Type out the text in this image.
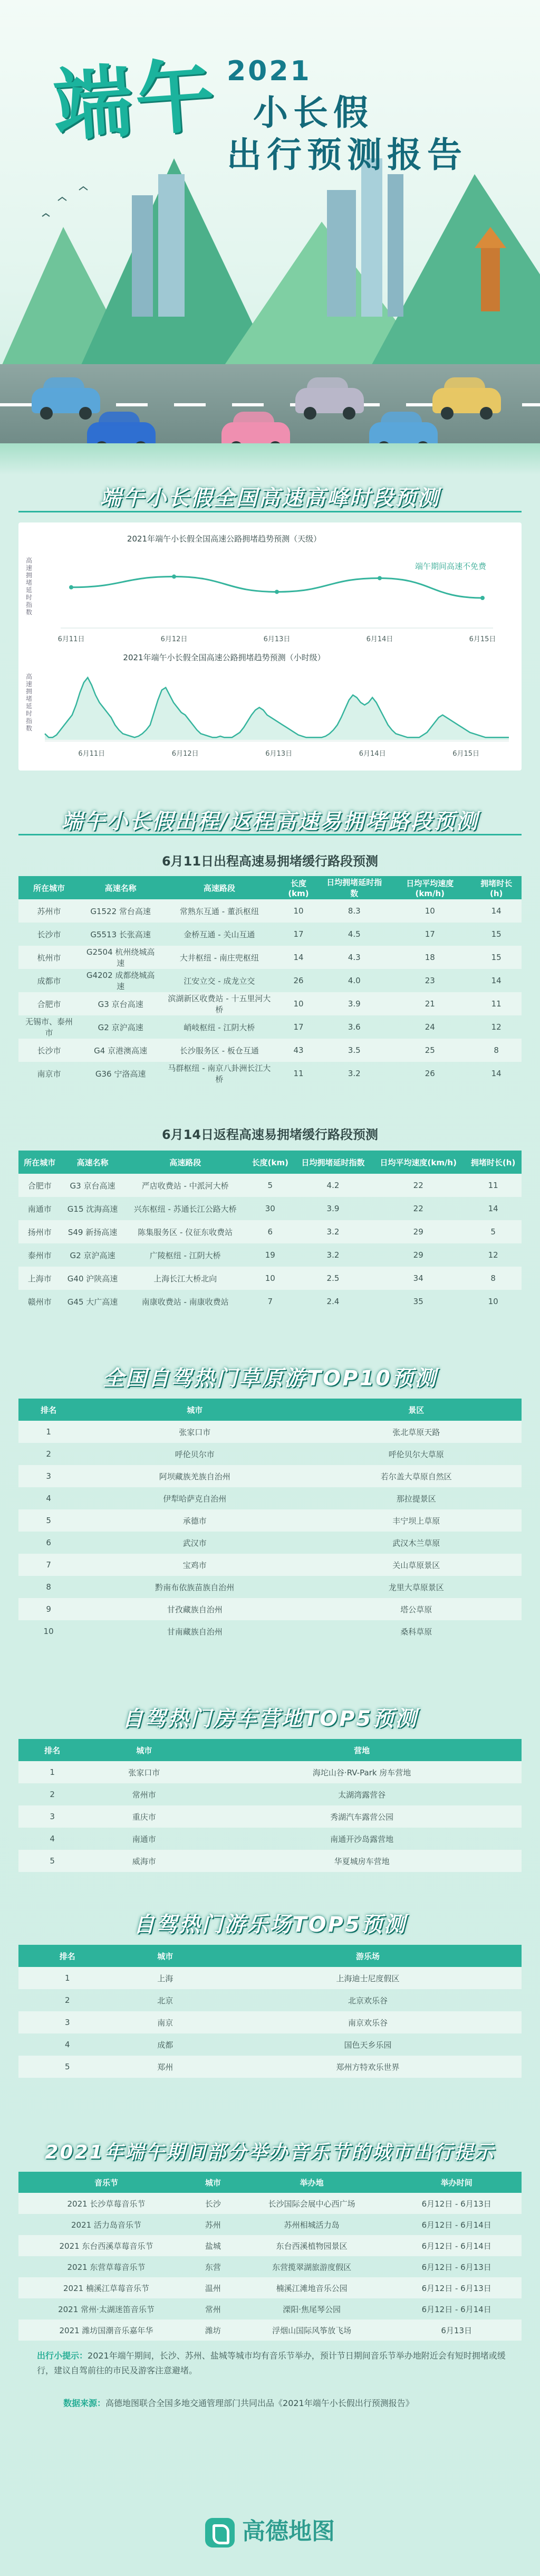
端午 2021
小长假
出行预测报告
端午小长假全国高速高峰时段预测
2021年端午小长假全国高速公路拥堵趋势预测（天级）
6月11日	6月12日	6月13日	6月14日	6月15日
高速拥堵延时指数
端午期间高速不免费
2021年端午小长假全国高速公路拥堵趋势预测（小时级）
6月11日	6月12日	6月13日	6月14日	6月15日
高速拥堵延时指数
端午小长假出程/返程高速易拥堵路段预测
6月11日出程高速易拥堵缓行路段预测
所在城市	高速名称	高速路段	长度(km)	日均拥堵延时指数	日均平均速度(km/h)	拥堵时长(h)
苏州市	G1522 常台高速	常熟东互通 - 董浜枢纽	10	8.3	10	14
长沙市	G5513 长张高速	金桥互通 - 关山互通	17	4.5	17	15
杭州市	G2504 杭州绕城高速	大井枢纽 - 南庄兜枢纽	14	4.3	18	15
成都市	G4202 成都绕城高速	江安立交 - 成龙立交	26	4.0	23	14
合肥市	G3 京台高速	滨湖新区收费站 - 十五里河大桥	10	3.9	21	11
无锡市、泰州市	G2 京沪高速	峭岐枢纽 - 江阴大桥	17	3.6	24	12
长沙市	G4 京港澳高速	长沙服务区 - 板仓互通	43	3.5	25	8
南京市	G36 宁洛高速	马群枢纽 - 南京八卦洲长江大桥	11	3.2	26	14
6月14日返程高速易拥堵缓行路段预测
所在城市	高速名称	高速路段	长度(km)	日均拥堵延时指数	日均平均速度(km/h)	拥堵时长(h)
合肥市	G3 京台高速	严店收费站 - 中派河大桥	5	4.2	22	11
南通市	G15 沈海高速	兴东枢纽 - 苏通长江公路大桥	30	3.9	22	14
扬州市	S49 新扬高速	陈集服务区 - 仪征东收费站	6	3.2	29	5
泰州市	G2 京沪高速	广陵枢纽 - 江阴大桥	19	3.2	29	12
上海市	G40 沪陕高速	上海长江大桥北向	10	2.5	34	8
赣州市	G45 大广高速	南康收费站 - 南康收费站	7	2.4	35	10
全国自驾热门草原游TOP10预测
排名	城市	景区
1	张家口市	张北草原天路
2	呼伦贝尔市	呼伦贝尔大草原
3	阿坝藏族羌族自治州	若尔盖大草原自然区
4	伊犁哈萨克自治州	那拉提景区
5	承德市	丰宁坝上草原
6	武汉市	武汉木兰草原
7	宝鸡市	关山草原景区
8	黔南布依族苗族自治州	龙里大草原景区
9	甘孜藏族自治州	塔公草原
10	甘南藏族自治州	桑科草原
自驾热门房车营地TOP5预测
排名	城市	营地
1	张家口市	海坨山谷·RV-Park 房车营地
2	常州市	太湖湾露营谷
3	重庆市	秀湖汽车露营公园
4	南通市	南通开沙岛露营地
5	威海市	华夏城房车营地
自驾热门游乐场TOP5预测
排名	城市	游乐场
1	上海	上海迪士尼度假区
2	北京	北京欢乐谷
3	南京	南京欢乐谷
4	成都	国色天乡乐园
5	郑州	郑州方特欢乐世界
2021年端午期间部分举办音乐节的城市出行提示
音乐节	城市	举办地	举办时间
2021 长沙草莓音乐节	长沙	长沙国际会展中心西广场	6月12日 - 6月13日
2021 活力岛音乐节	苏州	苏州相城活力岛	6月12日 - 6月14日
2021 东台西溪草莓音乐节	盐城	东台西溪植物园景区	6月12日 - 6月14日
2021 东营草莓音乐节	东营	东营揽翠湖旅游度假区	6月12日 - 6月13日
2021 楠溪江草莓音乐节	温州	楠溪江滩地音乐公园	6月12日 - 6月13日
2021 常州·太湖迷笛音乐节	常州	溧阳·焦尾琴公园	6月12日 - 6月14日
2021 潍坊国潮音乐嘉年华	潍坊	浮烟山国际风筝放飞场	6月13日
出行小提示：2021年端午期间，长沙、苏州、盐城等城市均有音乐节举办，预计节日期间音乐节举办地附近会有短时拥堵或缓行，建议自驾前往的市民及游客注意避堵。
数据来源：高德地图联合全国多地交通管理部门共同出品《2021年端午小长假出行预测报告》
高德地图
